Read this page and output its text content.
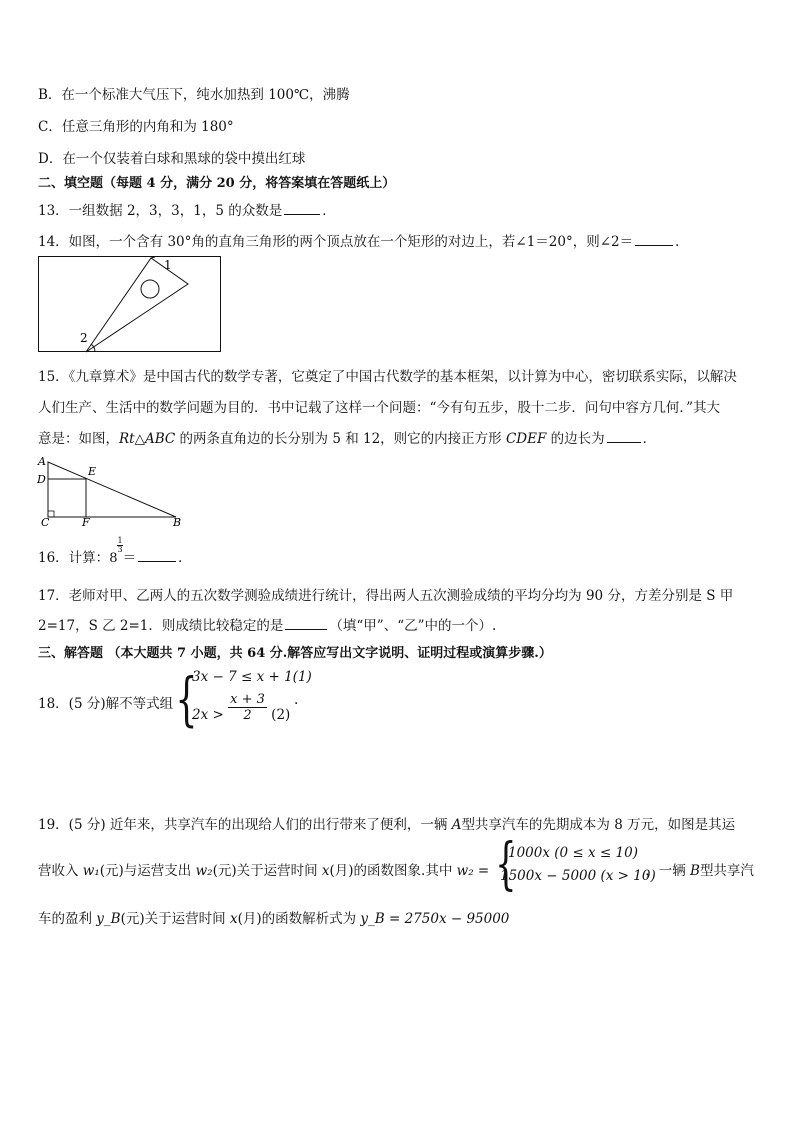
B．在一个标准大气压下，纯水加热到 100℃，沸腾
C．任意三角形的内角和为 180°
D．在一个仅装着白球和黑球的袋中摸出红球
二、填空题（每题 4 分，满分 20 分，将答案填在答题纸上）
13．一组数据 2，3，3，1，5 的众数是	．
14．如图，一个含有 30°角的直角三角形的两个顶点放在一个矩形的对边上，若∠1＝20°，则∠2＝	．
1
2
15．《九章算术》是中国古代的数学专著，它奠定了中国古代数学的基本框架，以计算为中心，密切联系实际，以解决
人们生产、生活中的数学问题为目的．书中记载了这样一个问题：“今有句五步，股十二步．问句中容方几何．”其大
意是：如图，Rt△ABC 的两条直角边的长分别为 5 和 12，则它的内接正方形 CDEF 的边长为	．
A
D
E
C	F	B
16．计算：8
$\frac{1}{3}$
＝	．
17．老师对甲、乙两人的五次数学测验成绩进行统计，得出两人五次测验成绩的平均分均为 90 分，方差分别是 S 甲
2=17，S 乙 2=1．则成绩比较稳定的是	（填“甲”、“乙”中的一个）.
三、解答题 （本大题共 7 小题，共 64 分.解答应写出文字说明、证明过程或演算步骤.）
18．(5 分)解不等式组 {
3x − 7 ≤ x + 1(1)
$2x > \frac{x + 3}{2} (2)$
.
19．(5 分) 近年来，共享汽车的出现给人们的出行带来了便利，一辆 A型共享汽车的先期成本为 8 万元，如图是其运
营收入 w₁(元)与运营支出 w₂(元)关于运营时间 x(月)的函数图象.其中 w₂ =	，一辆 B型共享汽
{
1000x (0 ≤ x ≤ 10)
1500x − 5000 (x > 10)
车的盈利 y_B(元)关于运营时间 x(月)的函数解析式为 y_B = 2750x − 95000
